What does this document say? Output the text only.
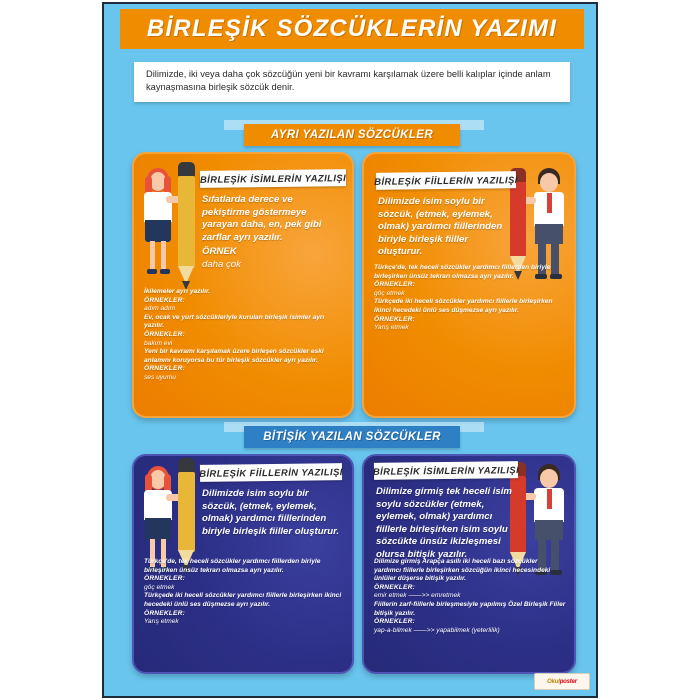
BİRLEŞİK SÖZCÜKLERİN YAZIMI
Dilimizde, iki veya daha çok sözcüğün yeni bir kavramı karşılamak üzere belli kalıplar içinde anlam kaynaşmasına birleşik sözcük denir.
AYRI YAZILAN SÖZCÜKLER
BİRLEŞİK İSİMLERİN YAZILIŞI
Sıfatlarda derece ve pekiştirme göstermeye yarayan daha, en, pek gibi zarflar ayrı yazılır.
ÖRNEK
daha çok

İkilemeler ayrı yazılır.

ÖRNEKLER:

adım adım

Ev, ocak ve yurt sözcükleriyle kurulan birleşik isimler ayrı yazılır.

ÖRNEKLER:

bakım evi

Yeni bir kavramı karşılamak üzere birleşen sözcükler eski anlamını koruyorsa bu tür birleşik sözcükler ayrı yazılır.

ÖRNEKLER:

ses uyumu

BİRLEŞİK FİİLLERİN YAZILIŞI
Dilimizde isim soylu bir sözcük, (etmek, eylemek, olmak) yardımcı fiillerinden biriyle birleşik fiiller oluşturur.

Türkçe'de, tek heceli sözcükler yardımcı fiillerden biriyle birleşirken ünsüz tekrarı olmazsa ayrı yazılır.

ÖRNEKLER:

göç etmek

Türkçede iki heceli sözcükler yardımcı fiillerle birleşirken ikinci hecedeki ünlü ses düşmezse ayrı yazılır.

ÖRNEKLER:

Yarış etmek

BİTİŞİK YAZILAN SÖZCÜKLER
BİRLEŞİK FİİLLERİN YAZILIŞI
Dilimizde isim soylu bir sözcük, (etmek, eylemek, olmak) yardımcı fiillerinden biriyle birleşik fiiller oluşturur.

Türkçe'de, tek heceli sözcükler yardımcı fiillerden biriyle birleşirken ünsüz tekrarı olmazsa ayrı yazılır.

ÖRNEKLER:

göç etmek

Türkçede iki heceli sözcükler yardımcı fiillerle birleşirken ikinci hecedeki ünlü ses düşmezse ayrı yazılır.

ÖRNEKLER:

Yarış etmek

BİRLEŞİK İSİMLERİN YAZILIŞI
Dilimize girmiş tek heceli isim soylu sözcükler (etmek, eylemek, olmak) yardımcı fiillerle birleşirken isim soylu sözcükte ünsüz ikizleşmesi olursa bitişik yazılır.

Dilimize girmiş Arapça asıllı iki heceli bazı sözcükler yardımcı fiillerle birleşirken sözcüğün ikinci hecesindeki ünlüler düşerse bitişik yazılır.

ÖRNEKLER:

emir etmek ——>> emretmek

Fiillerin zarf-fiillerle birleşmesiyle yapılmış Özel Birleşik Fiiler bitişik yazılır.

ÖRNEKLER:

yap-a-bilmek ——>> yapabilmek (yeterlilik)

Okulposter
